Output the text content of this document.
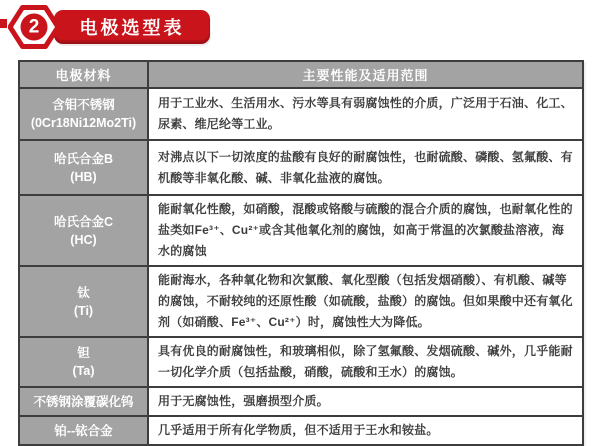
2	电极选型表
电极材料	主要性能及适用范围
含钼不锈钢
(0Cr18Ni12Mo2Ti)	用于工业水、生活用水、污水等具有弱腐蚀性的介质，广泛用于石油、化工、尿素、维尼纶等工业。
哈氏合金B
(HB)	对沸点以下一切浓度的盐酸有良好的耐腐蚀性，也耐硫酸、磷酸、氢氟酸、有机酸等非氧化酸、碱、非氧化盐液的腐蚀。
哈氏合金C
(HC)	能耐氧化性酸，如硝酸，混酸或铬酸与硫酸的混合介质的腐蚀，也耐氧化性的盐类如Fe³⁺、Cu²⁺或含其他氧化剂的腐蚀，如高于常温的次氯酸盐溶液，海水的腐蚀
钛
(Ti)	能耐海水，各种氧化物和次氯酸、氧化型酸（包括发烟硝酸）、有机酸、碱等的腐蚀，不耐较纯的还原性酸（如硫酸，盐酸）的腐蚀。但如果酸中还有氧化剂（如硝酸、Fe³⁺、Cu²⁺）时，腐蚀性大为降低。
钽
(Ta)	具有优良的耐腐蚀性，和玻璃相似，除了氢氟酸、发烟硫酸、碱外，几乎能耐一切化学介质（包括盐酸，硝酸，硫酸和王水）的腐蚀。
不锈钢涂覆碳化钨	用于无腐蚀性，强磨损型介质。
铂--铱合金	几乎适用于所有化学物质，但不适用于王水和铵盐。
